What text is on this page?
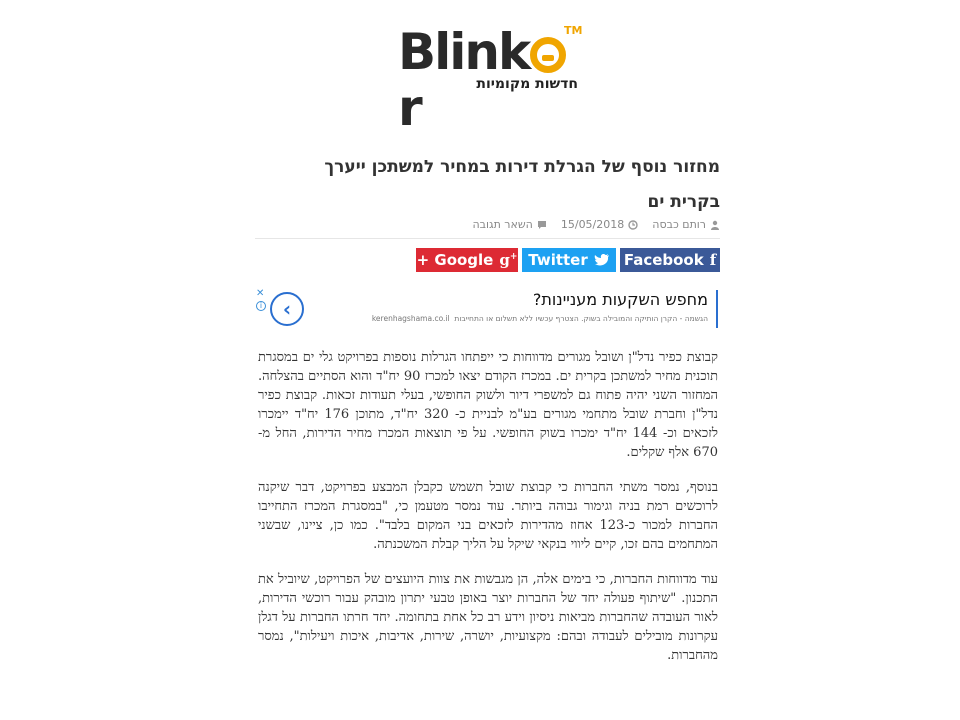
Blinkr
TM
חדשות מקומיות
מחזור נוסף של הגרלת דירות במחיר למשתכן ייערך בקרית ים
רותם כבסה
15/05/2018
השאר תגובה
Facebook f
Twitter
+ Google g+
✕
i	‹	מחפש השקעות מעניינות?
הגשמה - הקרן הותיקה והמובילה בשוק. הצטרף עכשיו ללא תשלום או התחייבות  kerenhagshama.co.il

קבוצת כפיר נדל"ן ושובל מגורים מדווחות כי ייפתחו הגרלות נוספות בפרויקט גלי ים במסגרת תוכנית מחיר למשתכן בקרית ים. במכרז הקודם יצאו למכרז 90 יח"ד והוא הסתיים בהצלחה. המחזור השני יהיה פתוח גם למשפרי דיור ולשוק החופשי, בעלי תעודות זכאות. קבוצת כפיר נדל"ן וחברת שובל מתחמי מגורים בע"מ לבניית כ- 320 יח"ד, מתוכן 176 יח"ד יימכרו לזכאים וכ- 144 יח"ד ימכרו בשוק החופשי. על פי תוצאות המכרז מחיר הדירות, החל מ- 670 אלף שקלים.

בנוסף, נמסר משתי החברות כי קבוצת שובל תשמש כקבלן המבצע בפרויקט, דבר שיקנה לרוכשים רמת בניה וגימור גבוהה ביותר. עוד נמסר מטעמן כי, "במסגרת המכרז התחייבו החברות למכור כ-123 אחוז מהדירות לזכאים בני המקום בלבד". כמו כן, ציינו, שבשני המתחמים בהם זכו, קיים ליווי בנקאי שיקל על הליך קבלת המשכנתה.

עוד מדווחות החברות, כי בימים אלה, הן מגבשות את צוות היועצים של הפרויקט, שיוביל את התכנון. "שיתוף פעולה יחד של החברות יוצר באופן טבעי יתרון מובהק עבור רוכשי הדירות, לאור העובדה שהחברות מביאות ניסיון וידע רב כל אחת בתחומה. יחד חרתו החברות על דגלן עקרונות מובילים לעבודה ובהם: מקצועיות, יושרה, שירות, אדיבות, איכות ויעילות", נמסר מהחברות.
